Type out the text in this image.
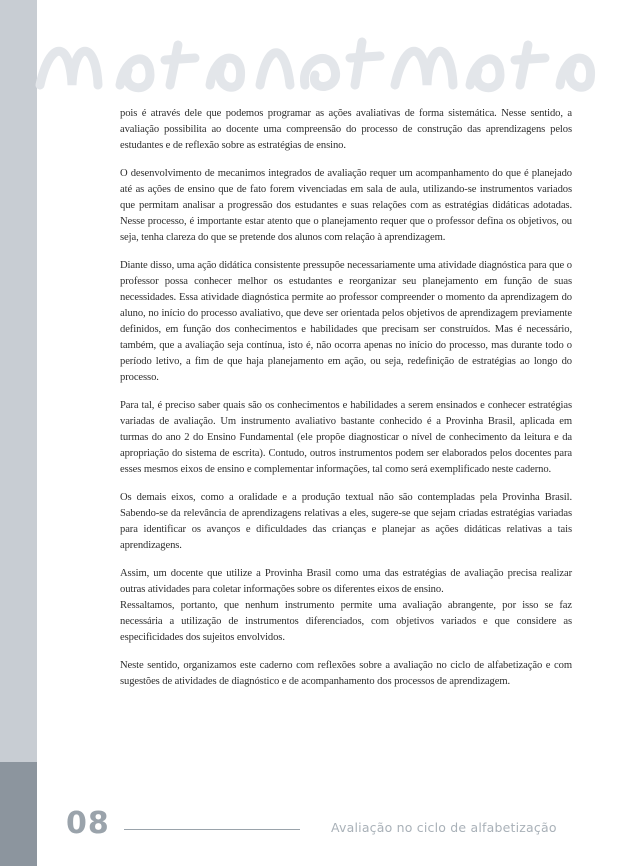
pois é através dele que podemos programar as ações avaliativas de forma sistemática. Nesse sentido, a avaliação possibilita ao docente uma compreensão do processo de construção das aprendizagens pelos estudantes e de reflexão sobre as estratégias de ensino.

O desenvolvimento de mecanimos integrados de avaliação requer um acompanhamento do que é planejado até as ações de ensino que de fato forem vivenciadas em sala de aula, utilizando-se instrumentos variados que permitam analisar a progressão dos estudantes e suas relações com as estratégias didáticas adotadas. Nesse processo, é importante estar atento que o planejamento requer que o professor defina os objetivos, ou seja, tenha clareza do que se pretende dos alunos com relação à aprendizagem.

Diante disso, uma ação didática consistente pressupõe necessariamente uma atividade diagnóstica para que o professor possa conhecer melhor os estudantes e reorganizar seu planejamento em função de suas necessidades. Essa atividade diagnóstica permite ao professor compreender o momento da aprendizagem do aluno, no início do processo avaliativo, que deve ser orientada pelos objetivos de aprendizagem previamente definidos, em função dos conhecimentos e habilidades que precisam ser construídos. Mas é necessário, também, que a avaliação seja contínua, isto é, não ocorra apenas no início do processo, mas durante todo o período letivo, a fim de que haja planejamento em ação, ou seja, redefinição de estratégias ao longo do processo.

Para tal, é preciso saber quais são os conhecimentos e habilidades a serem ensinados e conhecer estratégias variadas de avaliação. Um instrumento avaliativo bastante conhecido é a Provinha Brasil, aplicada em turmas do ano 2 do Ensino Fundamental (ele propõe diagnosticar o nível de conhecimento da leitura e da apropriação do sistema de escrita). Contudo, outros instrumentos podem ser elaborados pelos docentes para esses mesmos eixos de ensino e complementar informações, tal como será exemplificado neste caderno.

Os demais eixos, como a oralidade e a produção textual não são contempladas pela Provinha Brasil. Sabendo-se da relevância de aprendizagens relativas a eles, sugere-se que sejam criadas estratégias variadas para identificar os avanços e dificuldades das crianças e planejar as ações didáticas relativas a tais aprendizagens.

Assim, um docente que utilize a Provinha Brasil como uma das estratégias de avaliação precisa realizar outras atividades para coletar informações sobre os diferentes eixos de ensino.

Ressaltamos, portanto, que nenhum instrumento permite uma avaliação abrangente, por isso se faz necessária a utilização de instrumentos diferenciados, com objetivos variados e que considere as especificidades dos sujeitos envolvidos.

Neste sentido, organizamos este caderno com reflexões sobre a avaliação no ciclo de alfabetização e com sugestões de atividades de diagnóstico e de acompanhamento dos processos de aprendizagem.

08	Avaliação no ciclo de alfabetização
